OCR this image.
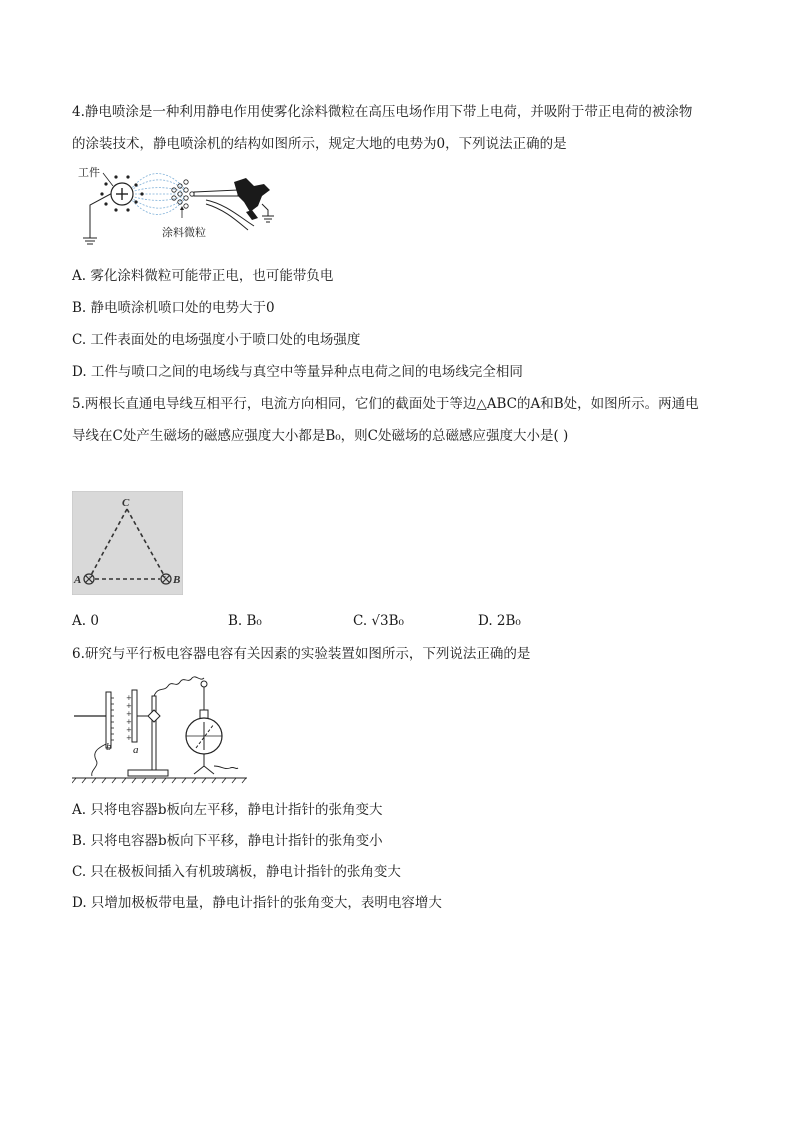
4.静电喷涂是一种利用静电作用使雾化涂料微粒在高压电场作用下带上电荷，并吸附于带正电荷的被涂物
的涂装技术，静电喷涂机的结构如图所示，规定大地的电势为0，下列说法正确的是
工件
涂料微粒
A. 雾化涂料微粒可能带正电，也可能带负电
B. 静电喷涂机喷口处的电势大于0
C. 工件表面处的电场强度小于喷口处的电场强度
D. 工件与喷口之间的电场线与真空中等量异种点电荷之间的电场线完全相同
5.两根长直通电导线互相平行，电流方向相同，它们的截面处于等边△ABC的A和B处，如图所示。两通电
导线在C处产生磁场的磁感应强度大小都是B₀，则C处磁场的总磁感应强度大小是( )
C
A	B
A. 0	B. B₀	C. √3B₀	D. 2B₀
6.研究与平行板电容器电容有关因素的实验装置如图所示，下列说法正确的是
b
+
+
+
+
+
+
a
A. 只将电容器b板向左平移，静电计指针的张角变大
B. 只将电容器b板向下平移，静电计指针的张角变小
C. 只在极板间插入有机玻璃板，静电计指针的张角变大
D. 只增加极板带电量，静电计指针的张角变大，表明电容增大
